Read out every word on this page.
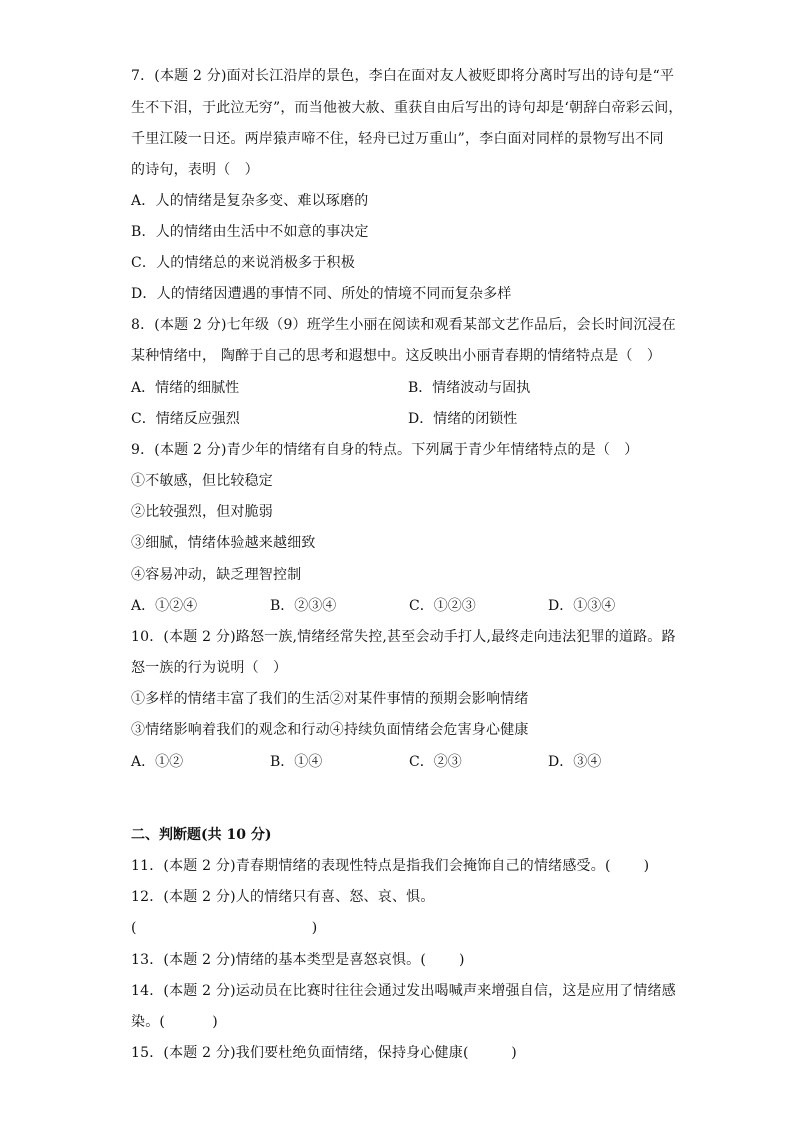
7．(本题 2 分)面对长江沿岸的景色，李白在面对友人被贬即将分离时写出的诗句是“平
生不下泪，于此泣无穷”，而当他被大赦、重获自由后写出的诗句却是‘朝辞白帝彩云间，
千里江陵一日还。两岸猿声啼不住，轻舟已过万重山”，李白面对同样的景物写出不同
的诗句，表明（　）
A．人的情绪是复杂多变、难以琢磨的
B．人的情绪由生活中不如意的事决定
C．人的情绪总的来说消极多于积极
D．人的情绪因遭遇的事情不同、所处的情境不同而复杂多样
8．(本题 2 分)七年级（9）班学生小丽在阅读和观看某部文艺作品后，会长时间沉浸在
某种情绪中， 陶醉于自己的思考和遐想中。这反映出小丽青春期的情绪特点是（　）
A．情绪的细腻性	B．情绪波动与固执
C．情绪反应强烈	D．情绪的闭锁性
9．(本题 2 分)青少年的情绪有自身的特点。下列属于青少年情绪特点的是（　）
①不敏感，但比较稳定
②比较强烈，但对脆弱
③细腻，情绪体验越来越细致
④容易冲动，缺乏理智控制
A．①②④	B．②③④	C．①②③	D．①③④
10．(本题 2 分)路怒一族,情绪经常失控,甚至会动手打人,最终走向违法犯罪的道路。路
怒一族的行为说明（　）
①多样的情绪丰富了我们的生活②对某件事情的预期会影响情绪
③情绪影响着我们的观念和行动④持续负面情绪会危害身心健康
A．①②	B．①④	C．②③	D．③④
二、判断题(共 10 分)
11．(本题 2 分)青春期情绪的表现性特点是指我们会掩饰自己的情绪感受。(　　 )
12．(本题 2 分)人的情绪只有喜、怒、哀、惧。
(　　　　　　　　　　　　 )
13．(本题 2 分)情绪的基本类型是喜怒哀惧。(　　 )
14．(本题 2 分)运动员在比赛时往往会通过发出喝喊声来增强自信，这是应用了情绪感
染。(　　　 )
15．(本题 2 分)我们要杜绝负面情绪，保持身心健康(　　　)
